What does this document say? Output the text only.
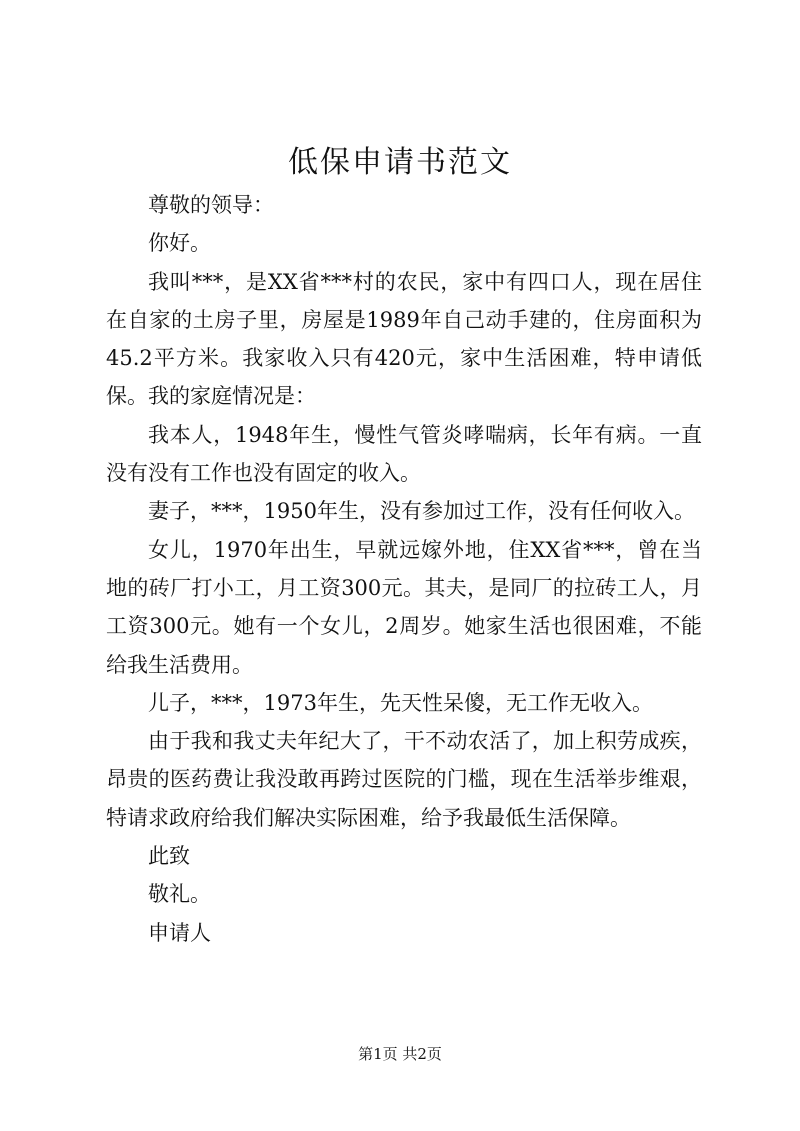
低保申请书范文

尊敬的领导：

你好。

我叫***，是XX省***村的农民，家中有四口人，现在居住在自家的土房子里，房屋是1989年自己动手建的，住房面积为45.2平方米。我家收入只有420元，家中生活困难，特申请低保。我的家庭情况是：

我本人，1948年生，慢性气管炎哮喘病，长年有病。一直没有没有工作也没有固定的收入。

妻子，***，1950年生，没有参加过工作，没有任何收入。

女儿，1970年出生，早就远嫁外地，住XX省***，曾在当地的砖厂打小工，月工资300元。其夫，是同厂的拉砖工人，月工资300元。她有一个女儿，2周岁。她家生活也很困难，不能给我生活费用。

儿子，***，1973年生，先天性呆傻，无工作无收入。

由于我和我丈夫年纪大了，干不动农活了，加上积劳成疾，昂贵的医药费让我没敢再跨过医院的门槛，现在生活举步维艰，特请求政府给我们解决实际困难，给予我最低生活保障。

此致

敬礼。

申请人

第1页 共2页
